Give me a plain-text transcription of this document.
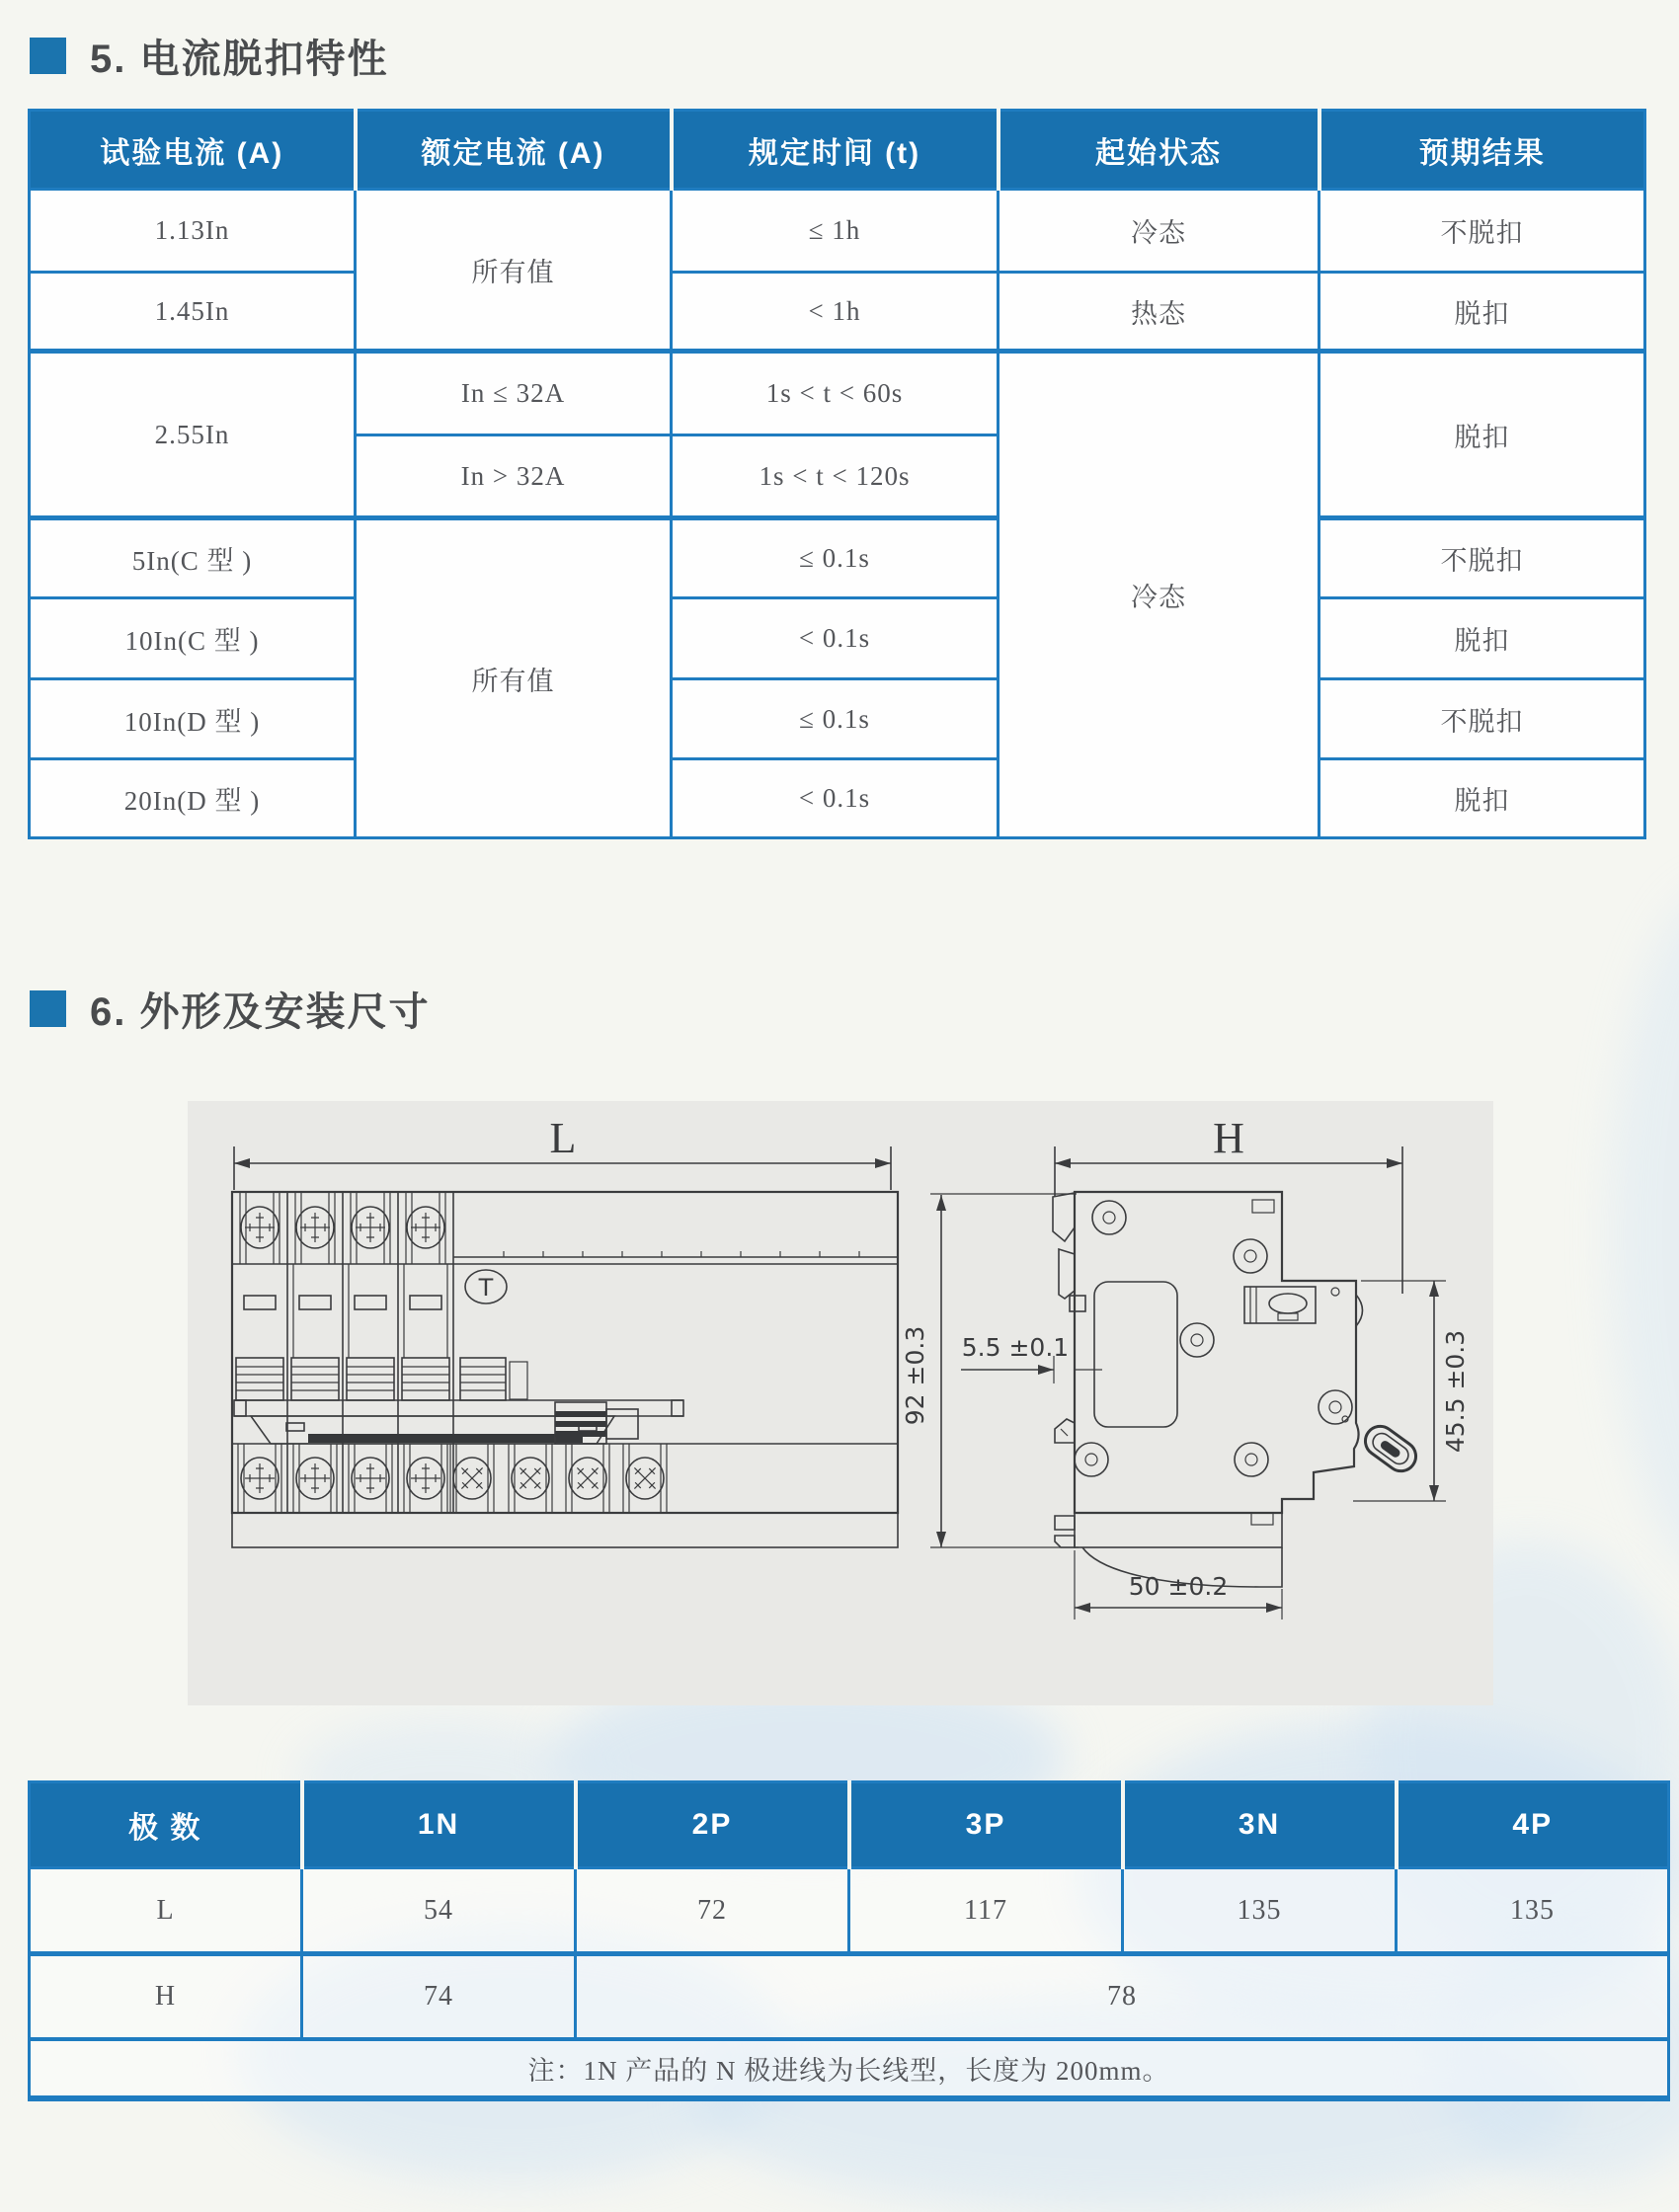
5. 电流脱扣特性
试验电流 (A)	额定电流 (A)	规定时间 (t)	起始状态	预期结果
1.13In	所有值	≤ 1h	冷态	不脱扣
1.45In		< 1h	热态	脱扣
2.55In	In ≤ 32A	1s < t < 60s	冷态	脱扣
	In > 32A	1s < t < 120s		
5In(C 型 )	所有值	≤ 0.1s		不脱扣
10In(C 型 )		< 0.1s		脱扣
10In(D 型 )		≤ 0.1s		不脱扣
20In(D 型 )		< 0.1s		脱扣
6. 外形及安装尺寸
L
T
H
92 ±0.3 5.5 ±0.1	45.5 ±0.3
50 ±0.2
极 数	1N	2P	3P	3N	4P
L	54	72	117	135	135
H	74	78			
注：1N 产品的 N 极进线为长线型，长度为 200mm。					
